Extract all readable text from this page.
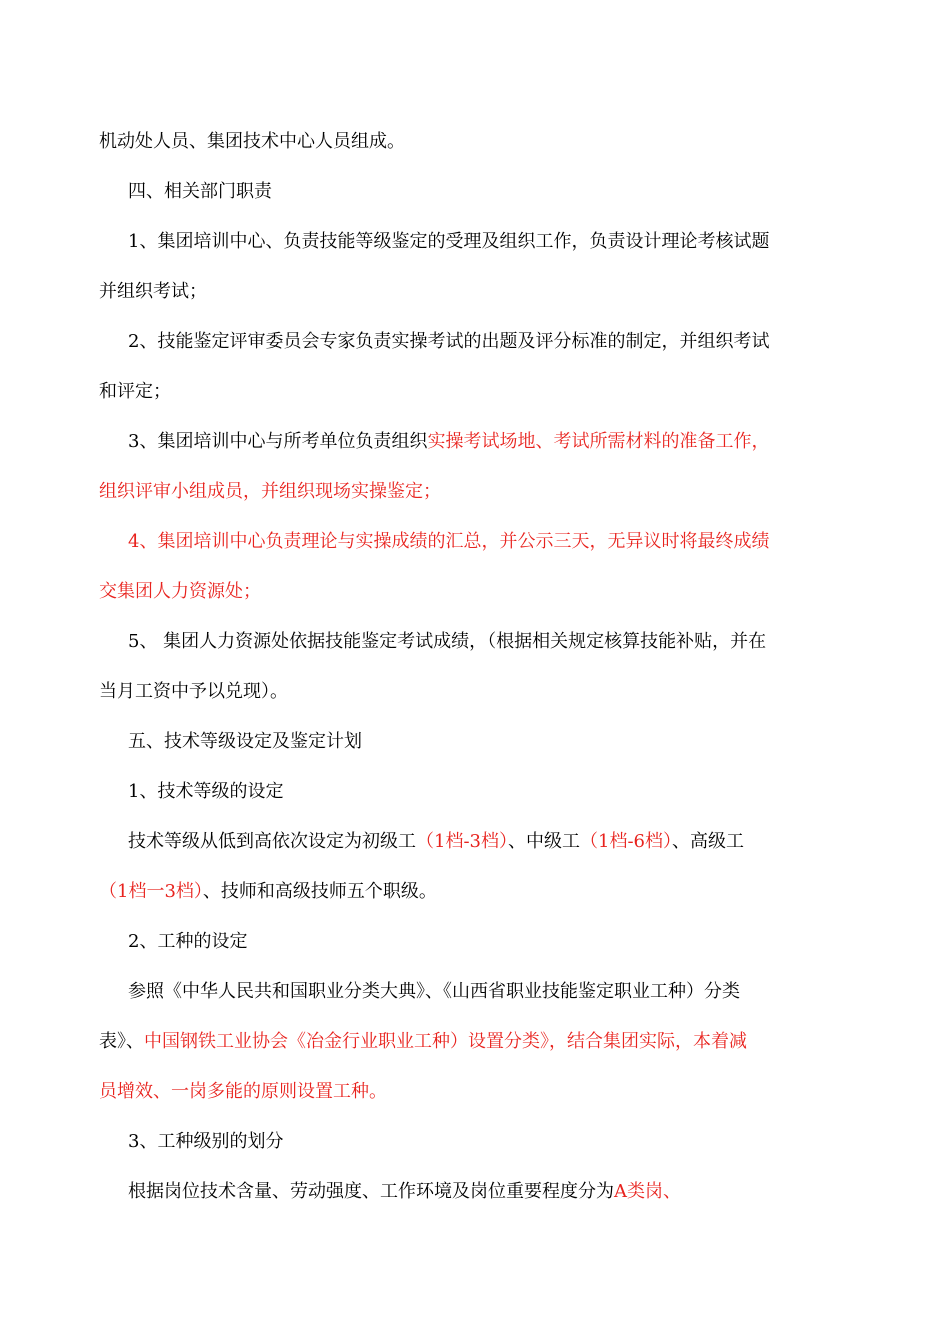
机动处人员、集团技术中心人员组成。
四、相关部门职责
1、集团培训中心、负责技能等级鉴定的受理及组织工作，负责设计理论考核试题
并组织考试；
2、技能鉴定评审委员会专家负责实操考试的出题及评分标准的制定，并组织考试
和评定；
3、集团培训中心与所考单位负责组织实操考试场地、考试所需材料的准备工作，
组织评审小组成员，并组织现场实操鉴定；
4、集团培训中心负责理论与实操成绩的汇总，并公示三天，无异议时将最终成绩
交集团人力资源处；
5、 集团人力资源处依据技能鉴定考试成绩，（根据相关规定核算技能补贴，并在
当月工资中予以兑现）。
五、技术等级设定及鉴定计划
1、技术等级的设定
技术等级从低到高依次设定为初级工（1档-3档）、中级工（1档-6档）、高级工
（1档一3档）、技师和高级技师五个职级。
2、工种的设定
参照《中华人民共和国职业分类大典》、《山西省职业技能鉴定职业工种）分类
表》、中国钢铁工业协会《冶金行业职业工种）设置分类》，结合集团实际，本着减
员增效、一岗多能的原则设置工种。
3、工种级别的划分
根据岗位技术含量、劳动强度、工作环境及岗位重要程度分为A类岗、
